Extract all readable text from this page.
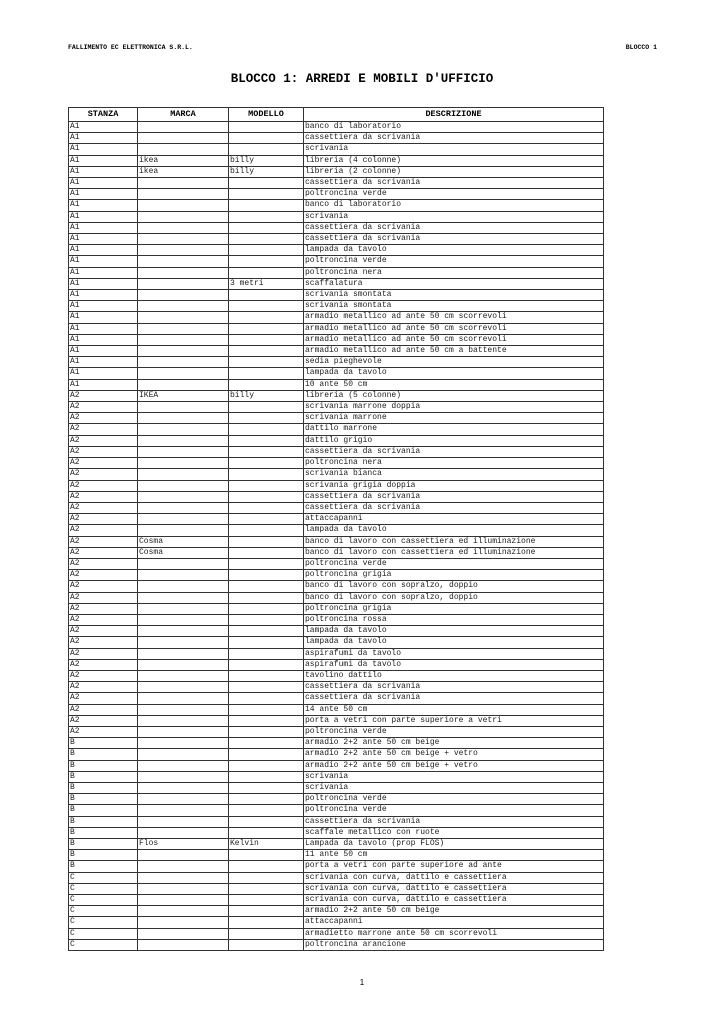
FALLIMENTO EC ELETTRONICA S.R.L.	BLOCCO 1
BLOCCO 1: ARREDI E MOBILI D'UFFICIO
STANZA	MARCA	MODELLO	DESCRIZIONE
A1			banco di laboratorio
A1			cassettiera da scrivania
A1			scrivania
A1	ikea	billy	libreria (4 colonne)
A1	ikea	billy	libreria (2 colonne)
A1			cassettiera da scrivania
A1			poltroncina verde
A1			banco di laboratorio
A1			scrivania
A1			cassettiera da scrivania
A1			cassettiera da scrivania
A1			lampada da tavolo
A1			poltroncina verde
A1			poltroncina nera
A1		3 metri	scaffalatura
A1			scrivania smontata
A1			scrivania smontata
A1			armadio metallico ad ante 50 cm scorrevoli
A1			armadio metallico ad ante 50 cm scorrevoli
A1			armadio metallico ad ante 50 cm scorrevoli
A1			armadio metallico ad ante 50 cm a battente
A1			sedia pieghevole
A1			lampada da tavolo
A1			10 ante 50 cm
A2	IKEA	billy	libreria (5 colonne)
A2			scrivania marrone doppia
A2			scrivania marrone
A2			dattilo marrone
A2			dattilo grigio
A2			cassettiera da scrivania
A2			poltroncina nera
A2			scrivania bianca
A2			scrivania grigia doppia
A2			cassettiera da scrivania
A2			cassettiera da scrivania
A2			attaccapanni
A2			lampada da tavolo
A2	Cosma		banco di lavoro con cassettiera ed illuminazione
A2	Cosma		banco di lavoro con cassettiera ed illuminazione
A2			poltroncina verde
A2			poltroncina grigia
A2			banco di lavoro con sopralzo, doppio
A2			banco di lavoro con sopralzo, doppio
A2			poltroncina grigia
A2			poltroncina rossa
A2			lampada da tavolo
A2			lampada da tavolo
A2			aspirafumi da tavolo
A2			aspirafumi da tavolo
A2			tavolino dattilo
A2			cassettiera da scrivania
A2			cassettiera da scrivania
A2			14 ante 50 cm
A2			porta a vetri con parte superiore a vetri
A2			poltroncina verde
B			armadio 2+2 ante 50 cm beige
B			armadio 2+2 ante 50 cm beige + vetro
B			armadio 2+2 ante 50 cm beige + vetro
B			scrivania
B			scrivania
B			poltroncina verde
B			poltroncina verde
B			cassettiera da scrivania
B			scaffale metallico con ruote
B	Flos	Kelvin	Lampada da tavolo (prop FLOS)
B			11 ante 50 cm
B			porta a vetri con parte superiore ad ante
C			scrivania con curva, dattilo e cassettiera
C			scrivania con curva, dattilo e cassettiera
C			scrivania con curva, dattilo e cassettiera
C			armadio 2+2 ante 50 cm beige
C			attaccapanni
C			armadietto marrone ante 50 cm scorrevoli
C			poltroncina arancione
1
